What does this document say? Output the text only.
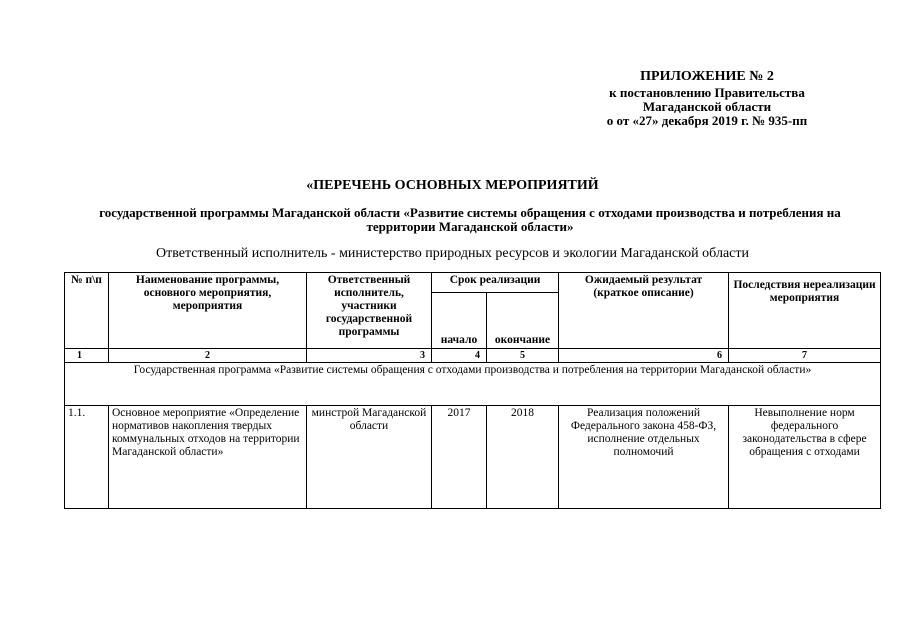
ПРИЛОЖЕНИЕ № 2
к постановлению Правительства
Магаданской области
о от «27» декабря 2019 г. № 935-пп
«ПЕРЕЧЕНЬ ОСНОВНЫХ МЕРОПРИЯТИЙ
государственной программы Магаданской области «Развитие системы обращения с отходами производства и потребления на территории Магаданской области»
Ответственный исполнитель - министерство природных ресурсов и экологии Магаданской области
№ п\п	Наименование программы, основного мероприятия, мероприятия	Ответственный исполнитель, участники государственной программы	Срок реализации		Ожидаемый результат (краткое описание)	Последствия нереализации мероприятия
			начало	окончание		
1	2	3	4	5	6	7
Государственная программа «Развитие системы обращения с отходами производства и потребления на территории Магаданской области»						
1.1.	Основное мероприятие «Определение нормативов накопления твердых коммунальных отходов на территории Магаданской области»	минстрой Магаданской области	2017	2018	Реализация положений Федерального закона 458-ФЗ, исполнение отдельных полномочий	Невыполнение норм федерального законодательства в сфере обращения с отходами
